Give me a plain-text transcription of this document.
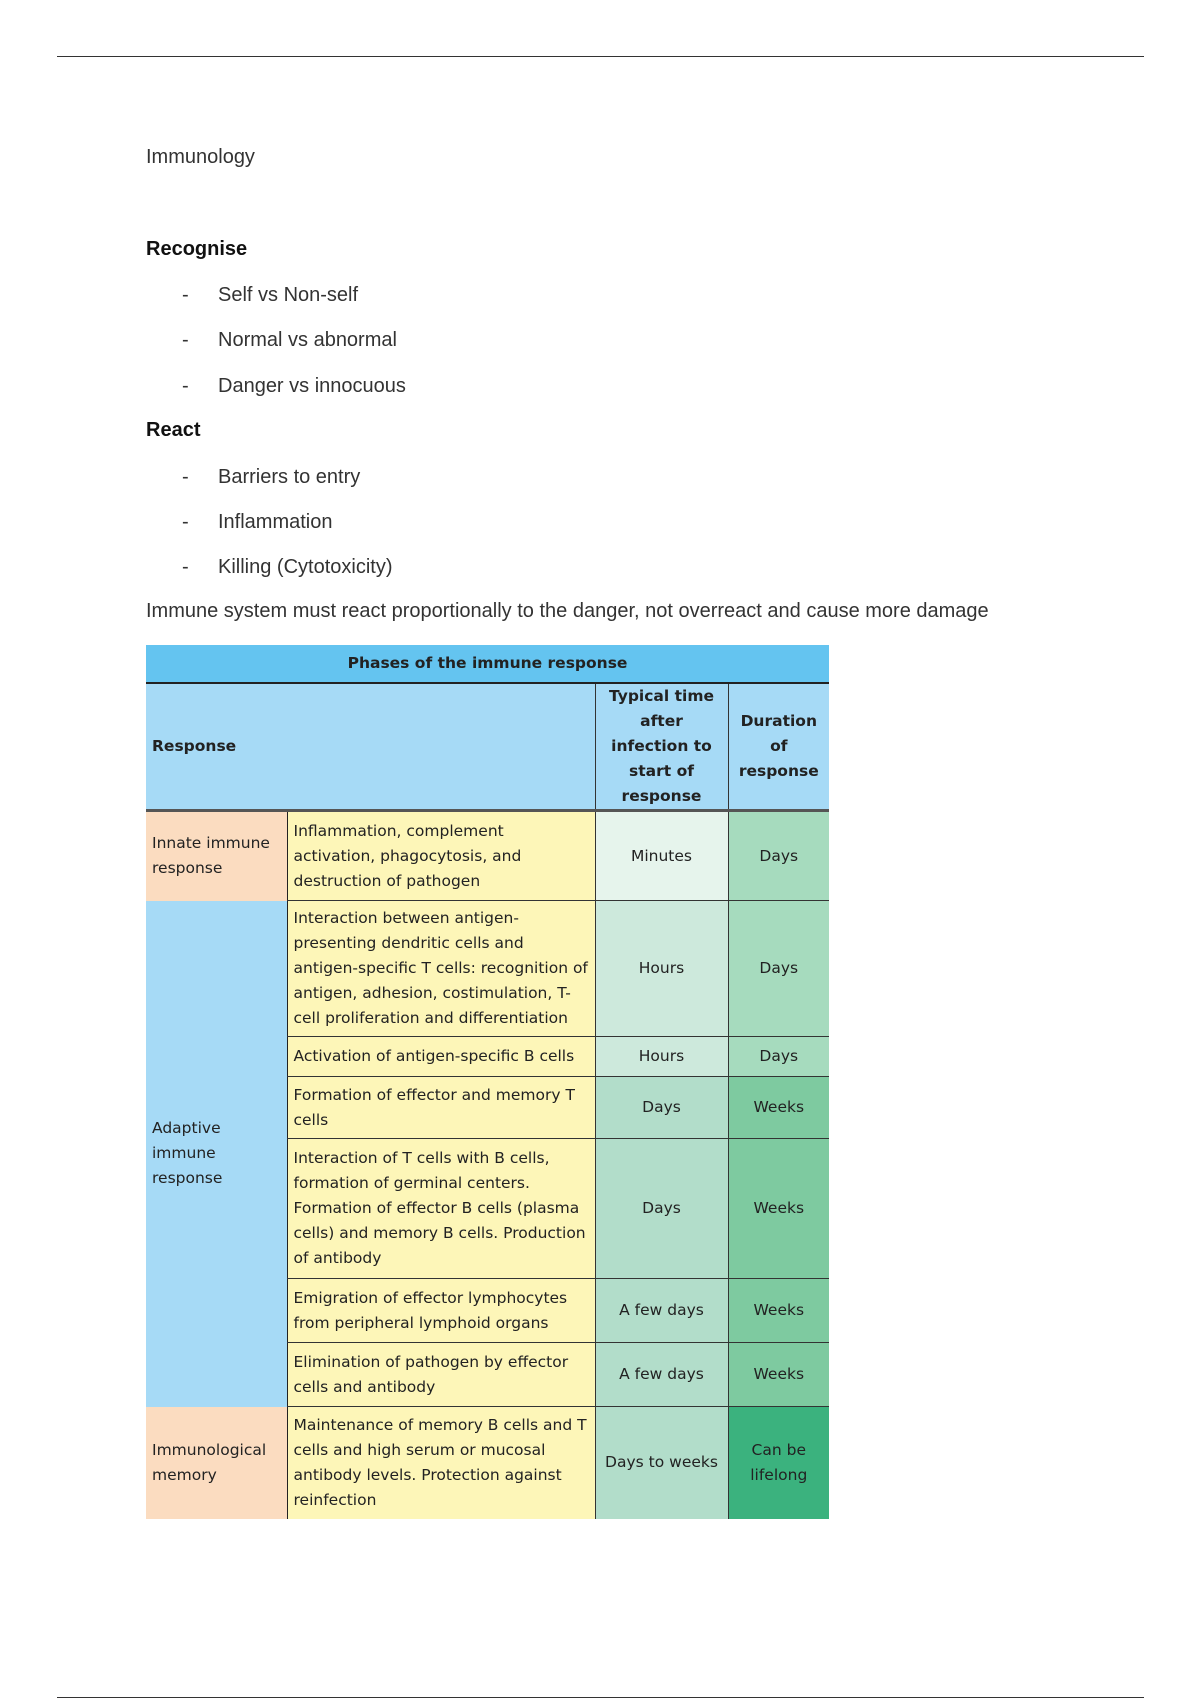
Immunology
Recognise
- Self vs Non-self
- Normal vs abnormal
- Danger vs innocuous
React
- Barriers to entry
- Inflammation
- Killing (Cytotoxicity)
Immune system must react proportionally to the danger, not overreact and cause more damage
Phases of the immune response			
Response		Typical time after infection to start of response	Duration of response
Innate immune response	Inflammation, complement activation, phagocytosis, and destruction of pathogen	Minutes	Days
Adaptive immune response	Interaction between antigen-presenting dendritic cells and antigen-specific T cells: recognition of antigen, adhesion, costimulation, T-cell proliferation and differentiation	Hours	Days
	Activation of antigen-specific B cells	Hours	Days
	Formation of effector and memory T cells	Days	Weeks
	Interaction of T cells with B cells, formation of germinal centers. Formation of effector B cells (plasma cells) and memory B cells. Production of antibody	Days	Weeks
	Emigration of effector lymphocytes from peripheral lymphoid organs	A few days	Weeks
	Elimination of pathogen by effector cells and antibody	A few days	Weeks
Immunological memory	Maintenance of memory B cells and T cells and high serum or mucosal antibody levels. Protection against reinfection	Days to weeks	Can be lifelong
